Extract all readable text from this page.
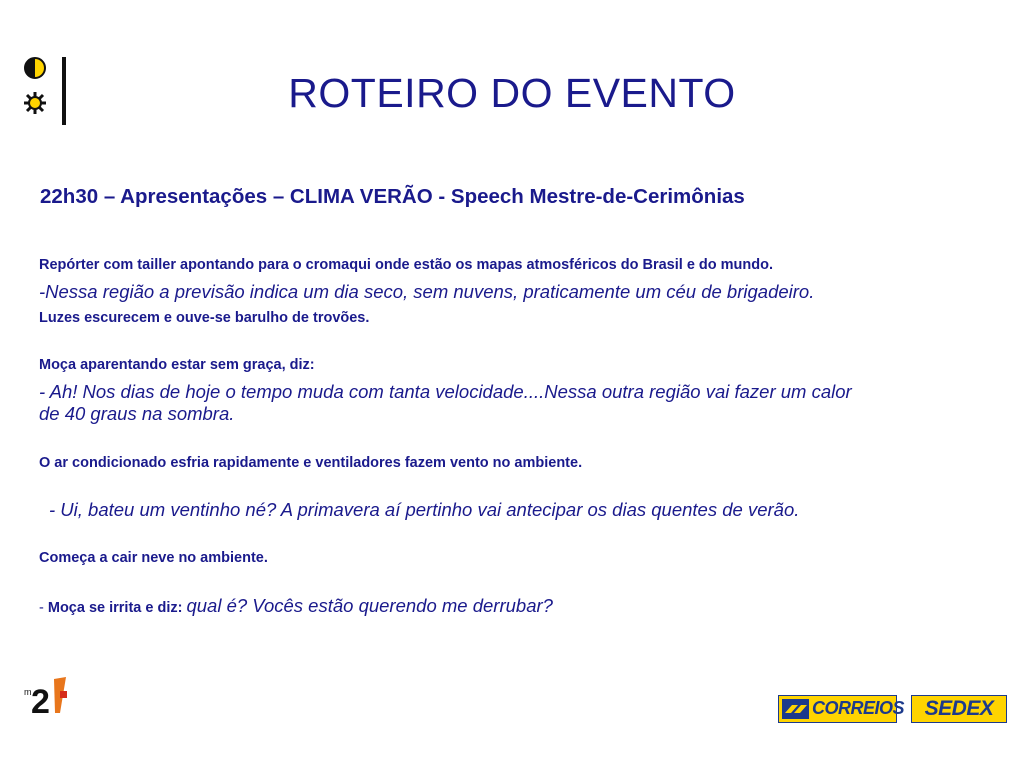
ROTEIRO DO EVENTO
22h30 – Apresentações – CLIMA VERÃO - Speech Mestre-de-Cerimônias

Repórter com tailler apontando para o cromaqui onde estão os mapas atmosféricos do Brasil e do mundo.

-Nessa região a previsão indica um dia seco, sem nuvens, praticamente um céu de brigadeiro.

Luzes escurecem e ouve-se barulho de trovões.

Moça aparentando estar sem graça, diz:

- Ah! Nos dias de hoje o tempo muda com tanta velocidade....Nessa outra região vai fazer um calor

de 40 graus na sombra.

O ar condicionado esfria rapidamente e ventiladores fazem vento no ambiente.

- Ui, bateu um ventinho né? A primavera aí pertinho vai antecipar os dias quentes de verão.

Começa a cair neve no ambiente.

- Moça se irrita e diz: qual é? Vocês estão querendo me derrubar?

m 2	CORREIOS SEDEX
